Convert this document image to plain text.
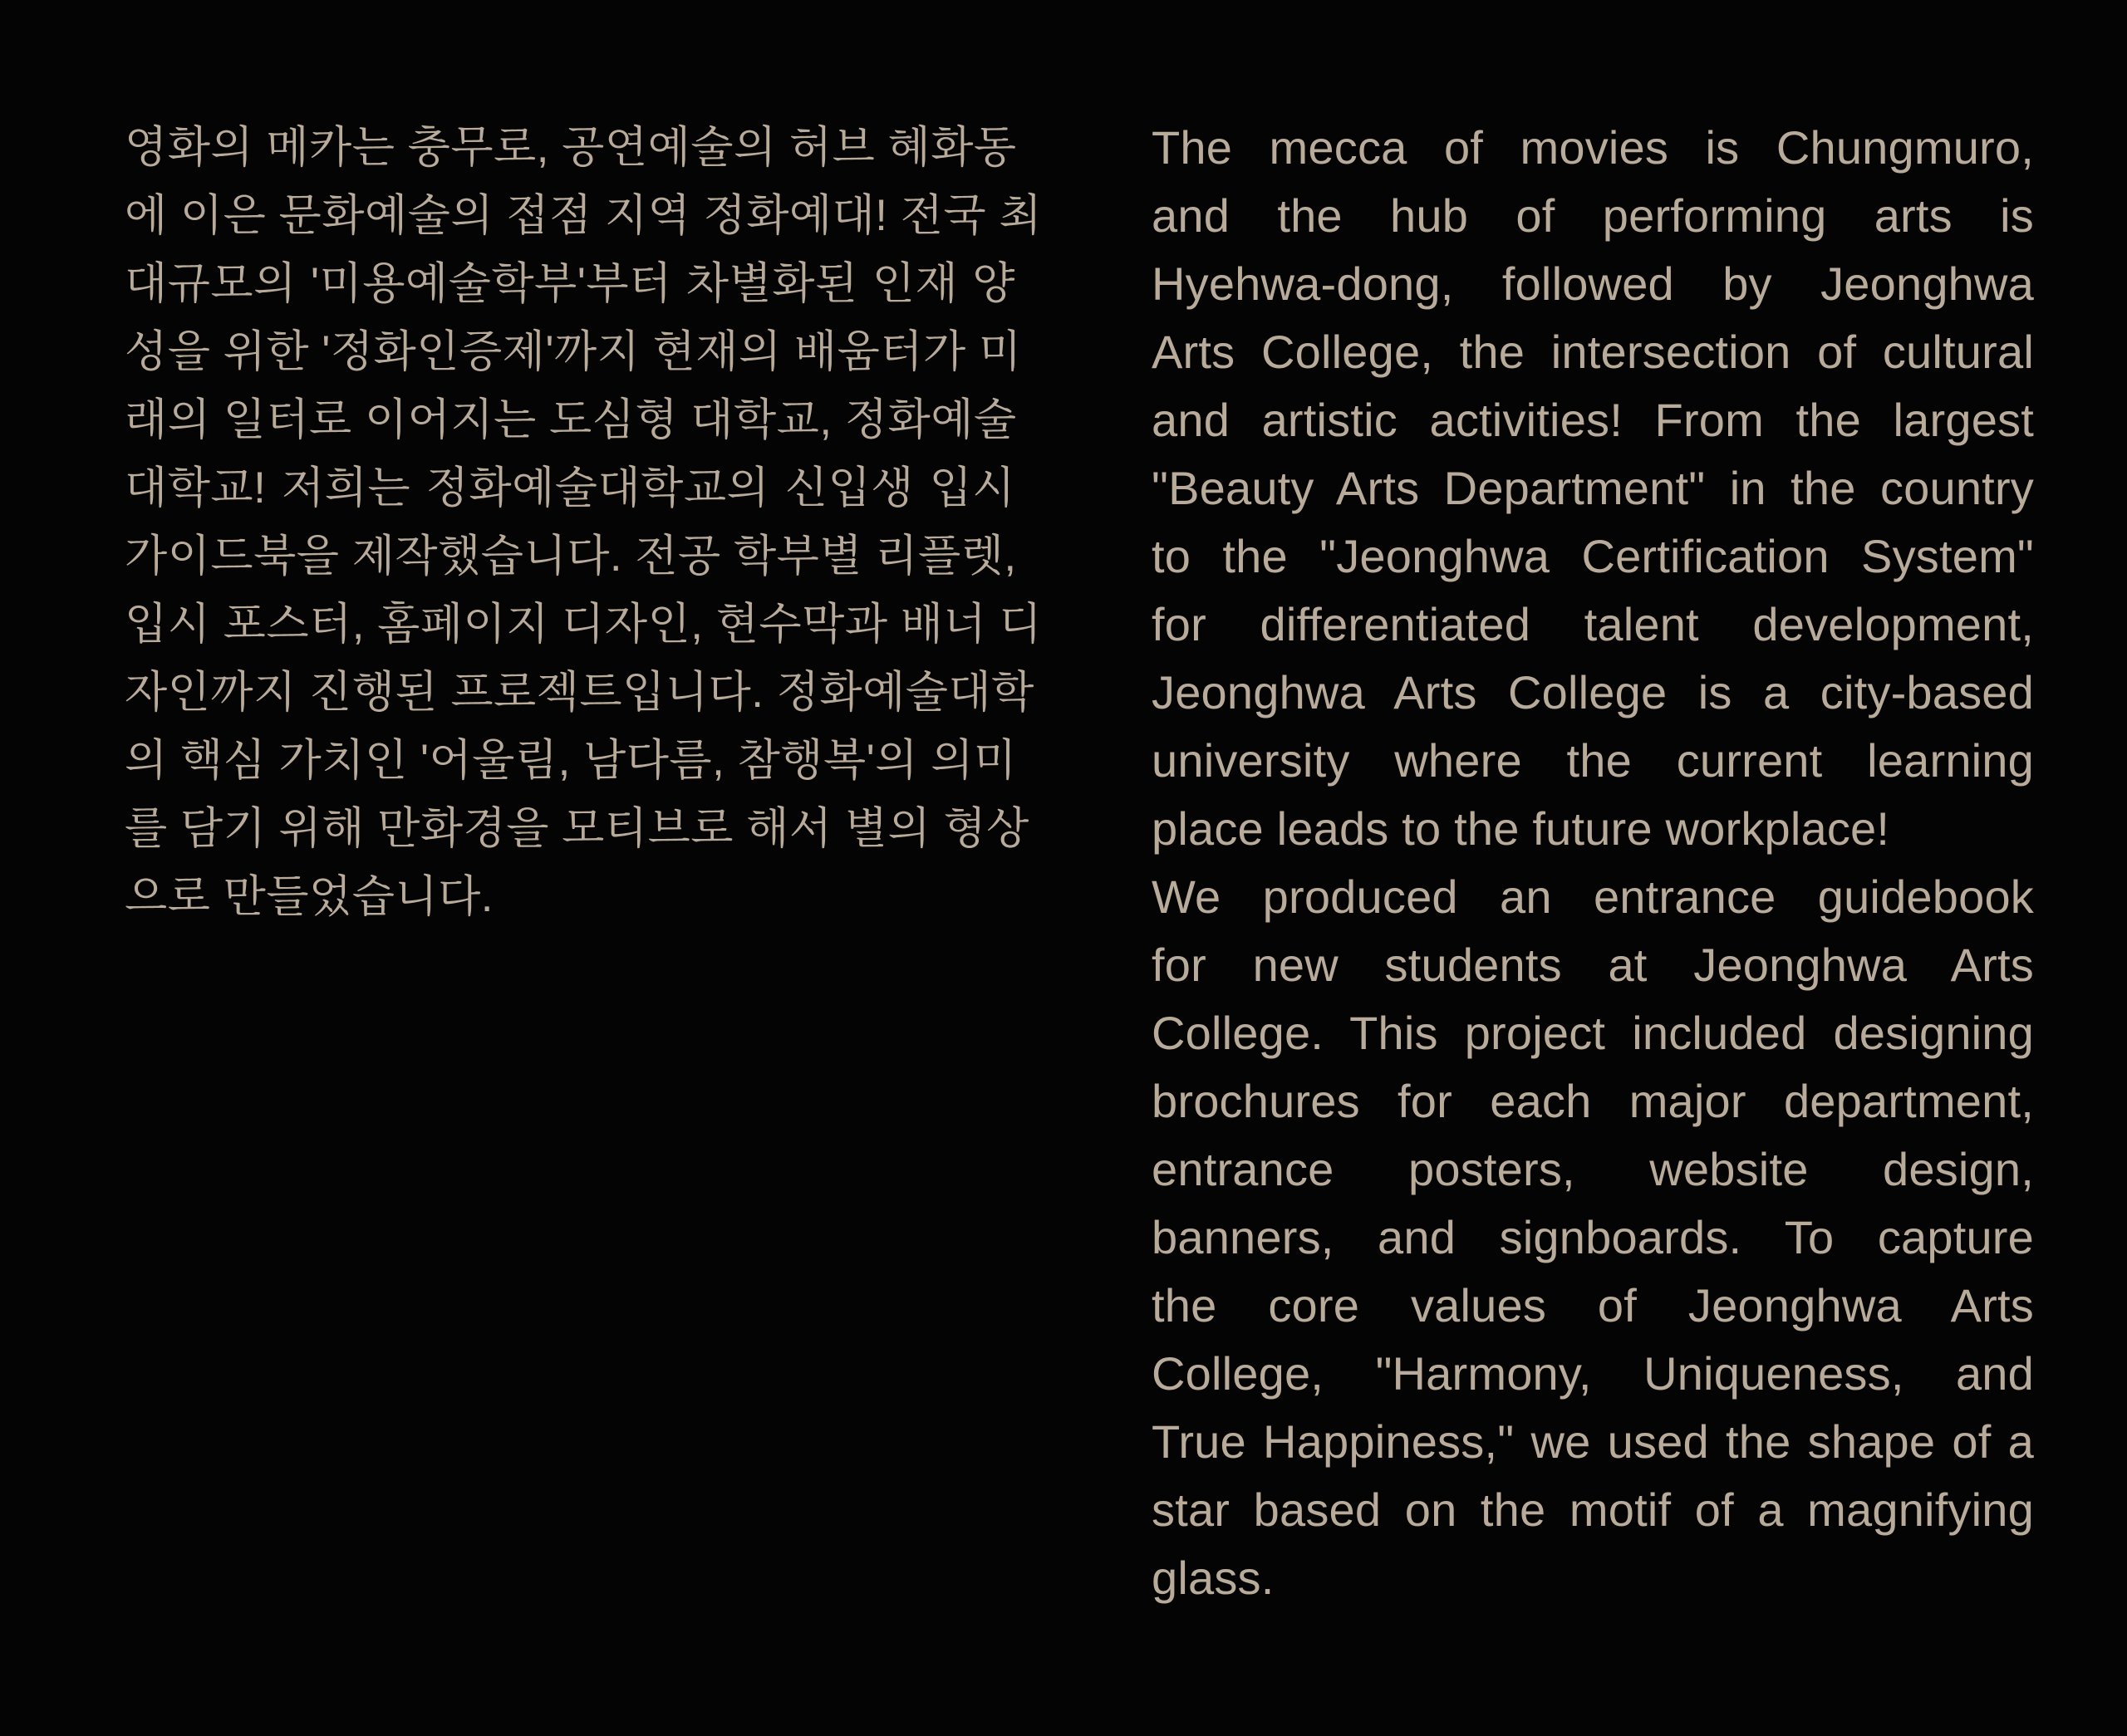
영화의 메카는 충무로, 공연예술의 허브 혜화동
에 이은 문화예술의 접점 지역 정화예대! 전국 최
대규모의 '미용예술학부'부터 차별화된 인재 양
성을 위한 '정화인증제'까지 현재의 배움터가 미
래의 일터로 이어지는 도심형 대학교, 정화예술
대학교! 저희는 정화예술대학교의 신입생 입시
가이드북을 제작했습니다. 전공 학부별 리플렛,
입시 포스터, 홈페이지 디자인, 현수막과 배너 디
자인까지 진행된 프로젝트입니다. 정화예술대학
의 핵심 가치인 '어울림, 남다름, 참행복'의 의미
를 담기 위해 만화경을 모티브로 해서 별의 형상
으로 만들었습니다.
The mecca of movies is Chungmuro,
and the hub of performing arts is
Hyehwa-dong, followed by Jeonghwa
Arts College, the intersection of cultural
and artistic activities! From the largest
"Beauty Arts Department" in the country
to the "Jeonghwa Certification System"
for differentiated talent development,
Jeonghwa Arts College is a city-based
university where the current learning
place leads to the future workplace!
We produced an entrance guidebook
for new students at Jeonghwa Arts
College. This project included designing
brochures for each major department,
entrance posters, website design,
banners, and signboards. To capture
the core values of Jeonghwa Arts
College, "Harmony, Uniqueness, and
True Happiness," we used the shape of a
star based on the motif of a magnifying
glass.
